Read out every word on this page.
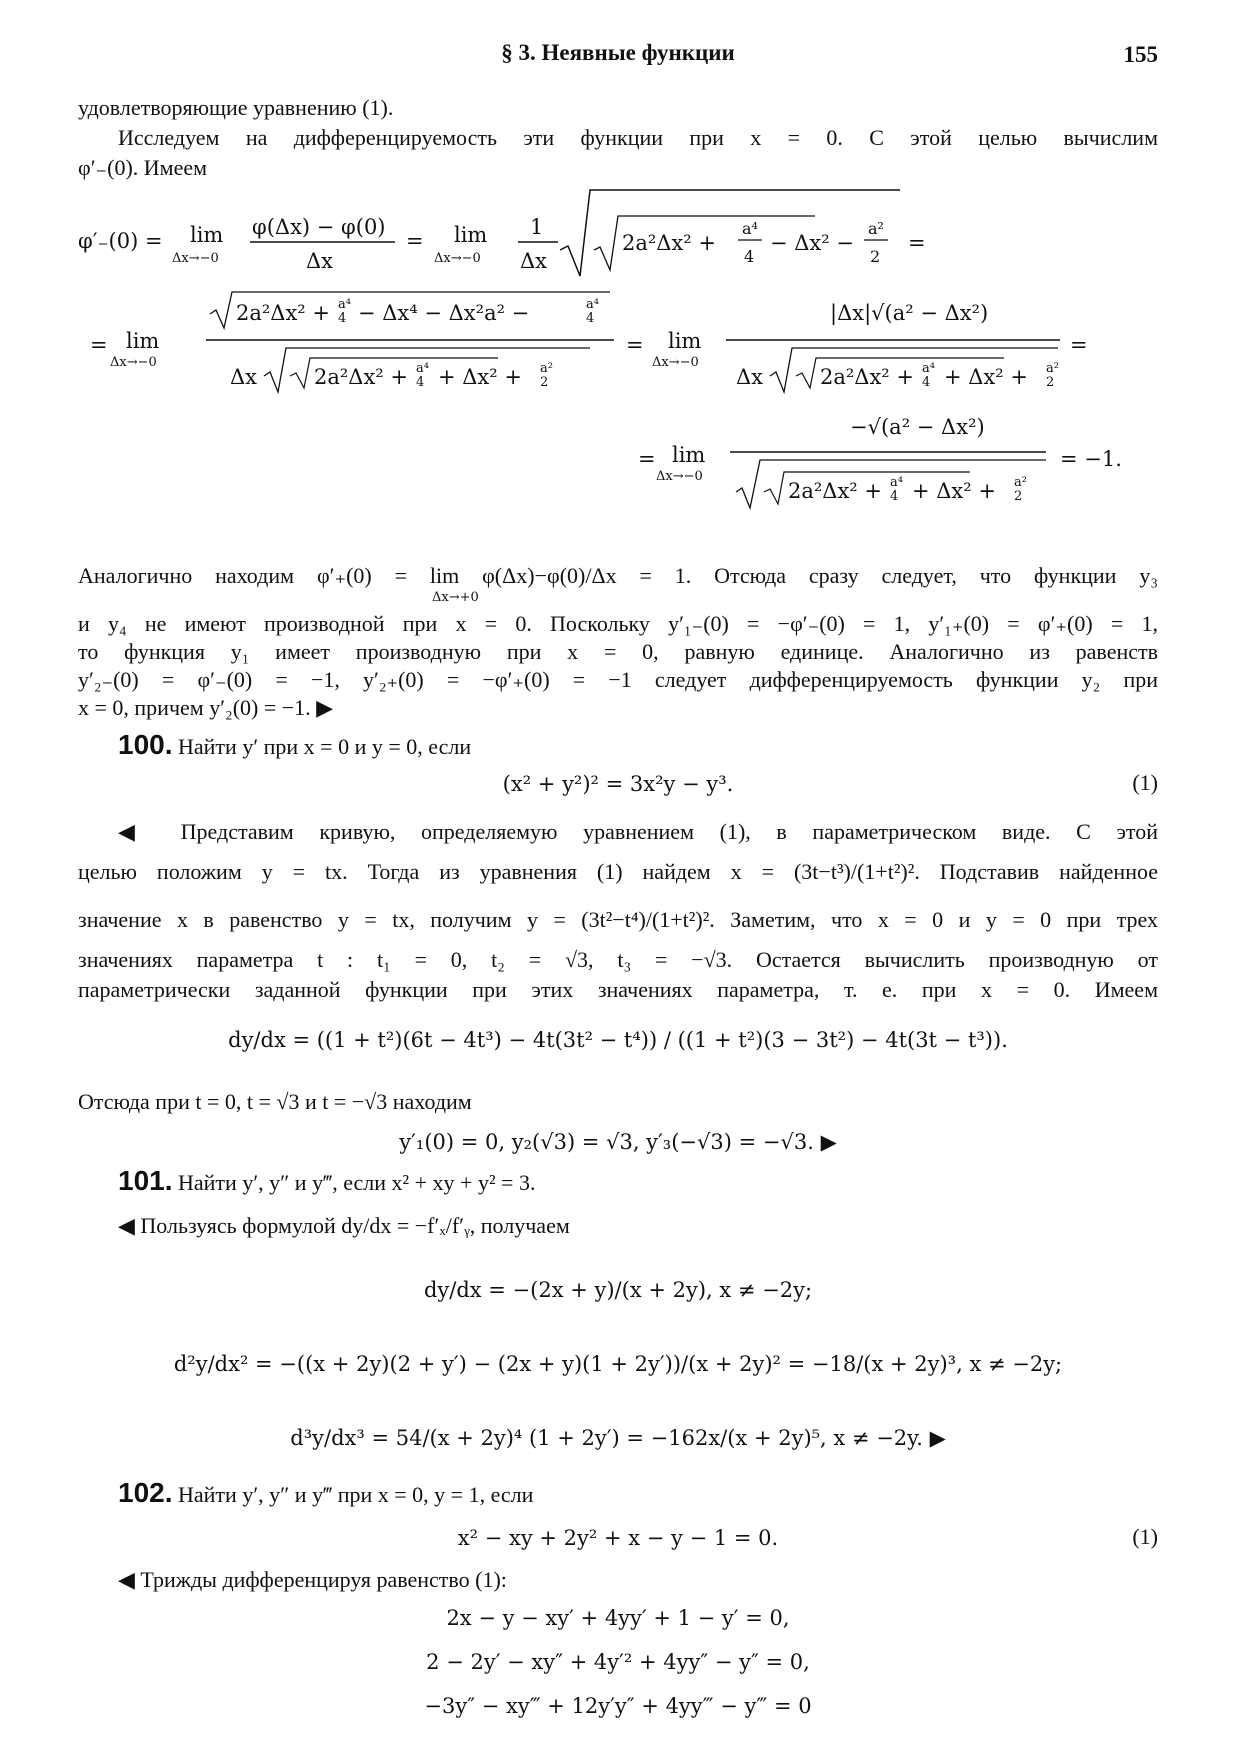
§ 3. Неявные функции	155
удовлетворяющие уравнению (1).
Исследуем на дифференцируемость эти функции при x = 0. С этой целью вычислим
φ′₋(0). Имеем
φ′₋(0) = lim
Δx→−0
φ(Δx) − φ(0)
Δx
= lim
Δx→−0
1
Δx
2a²Δx² +
a⁴
4
− Δx² −
a²
2
=
= lim
Δx→−0
2a²Δx² + a⁴
4 − Δx⁴ − Δx²a² −	a⁴
4
Δx	2a²Δx² + a⁴
4 + Δx² + a²
2
= lim
Δx→−0
|Δx|√(a² − Δx²)
Δx	2a²Δx² + a⁴
4 + Δx² + a²
2
=
= lim
Δx→−0
−√(a² − Δx²)
2a²Δx² + a⁴
4 + Δx² + a²
2
= −1.
Аналогично находим φ′₊(0) = lim φ(Δx)−φ(0)/Δx = 1. Отсюда сразу следует, что функции y₃
Δx→+0
и y₄ не имеют производной при x = 0. Поскольку y′₁₋(0) = −φ′₋(0) = 1, y′₁₊(0) = φ′₊(0) = 1,
то функция y₁ имеет производную при x = 0, равную единице. Аналогично из равенств
y′₂₋(0) = φ′₋(0) = −1, y′₂₊(0) = −φ′₊(0) = −1 следует дифференцируемость функции y₂ при
x = 0, причем y′₂(0) = −1. ▶
100. Найти y′ при x = 0 и y = 0, если
(x² + y²)² = 3x²y − y³.	(1)
◀ Представим кривую, определяемую уравнением (1), в параметрическом виде. С этой
целью положим y = tx. Тогда из уравнения (1) найдем x = (3t−t³)/(1+t²)². Подставив найденное
значение x в равенство y = tx, получим y = (3t²−t⁴)/(1+t²)². Заметим, что x = 0 и y = 0 при трех
значениях параметра t : t₁ = 0, t₂ = √3, t₃ = −√3. Остается вычислить производную от
параметрически заданной функции при этих значениях параметра, т. е. при x = 0. Имеем
dy/dx = ((1 + t²)(6t − 4t³) − 4t(3t² − t⁴)) / ((1 + t²)(3 − 3t²) − 4t(3t − t³)).
Отсюда при t = 0, t = √3 и t = −√3 находим
y′₁(0) = 0, y₂(√3) = √3, y′₃(−√3) = −√3. ▶
101. Найти y′, y″ и y‴, если x² + xy + y² = 3.
◀ Пользуясь формулой dy/dx = −f′ₓ/f′ᵧ, получаем
dy/dx = −(2x + y)/(x + 2y), x ≠ −2y;
d²y/dx² = −((x + 2y)(2 + y′) − (2x + y)(1 + 2y′))/(x + 2y)² = −18/(x + 2y)³, x ≠ −2y;
d³y/dx³ = 54/(x + 2y)⁴ (1 + 2y′) = −162x/(x + 2y)⁵, x ≠ −2y. ▶
102. Найти y′, y″ и y‴ при x = 0, y = 1, если
x² − xy + 2y² + x − y − 1 = 0.	(1)
◀ Трижды дифференцируя равенство (1):
2x − y − xy′ + 4yy′ + 1 − y′ = 0,
2 − 2y′ − xy″ + 4y′² + 4yy″ − y″ = 0,
−3y″ − xy‴ + 12y′y″ + 4yy‴ − y‴ = 0
